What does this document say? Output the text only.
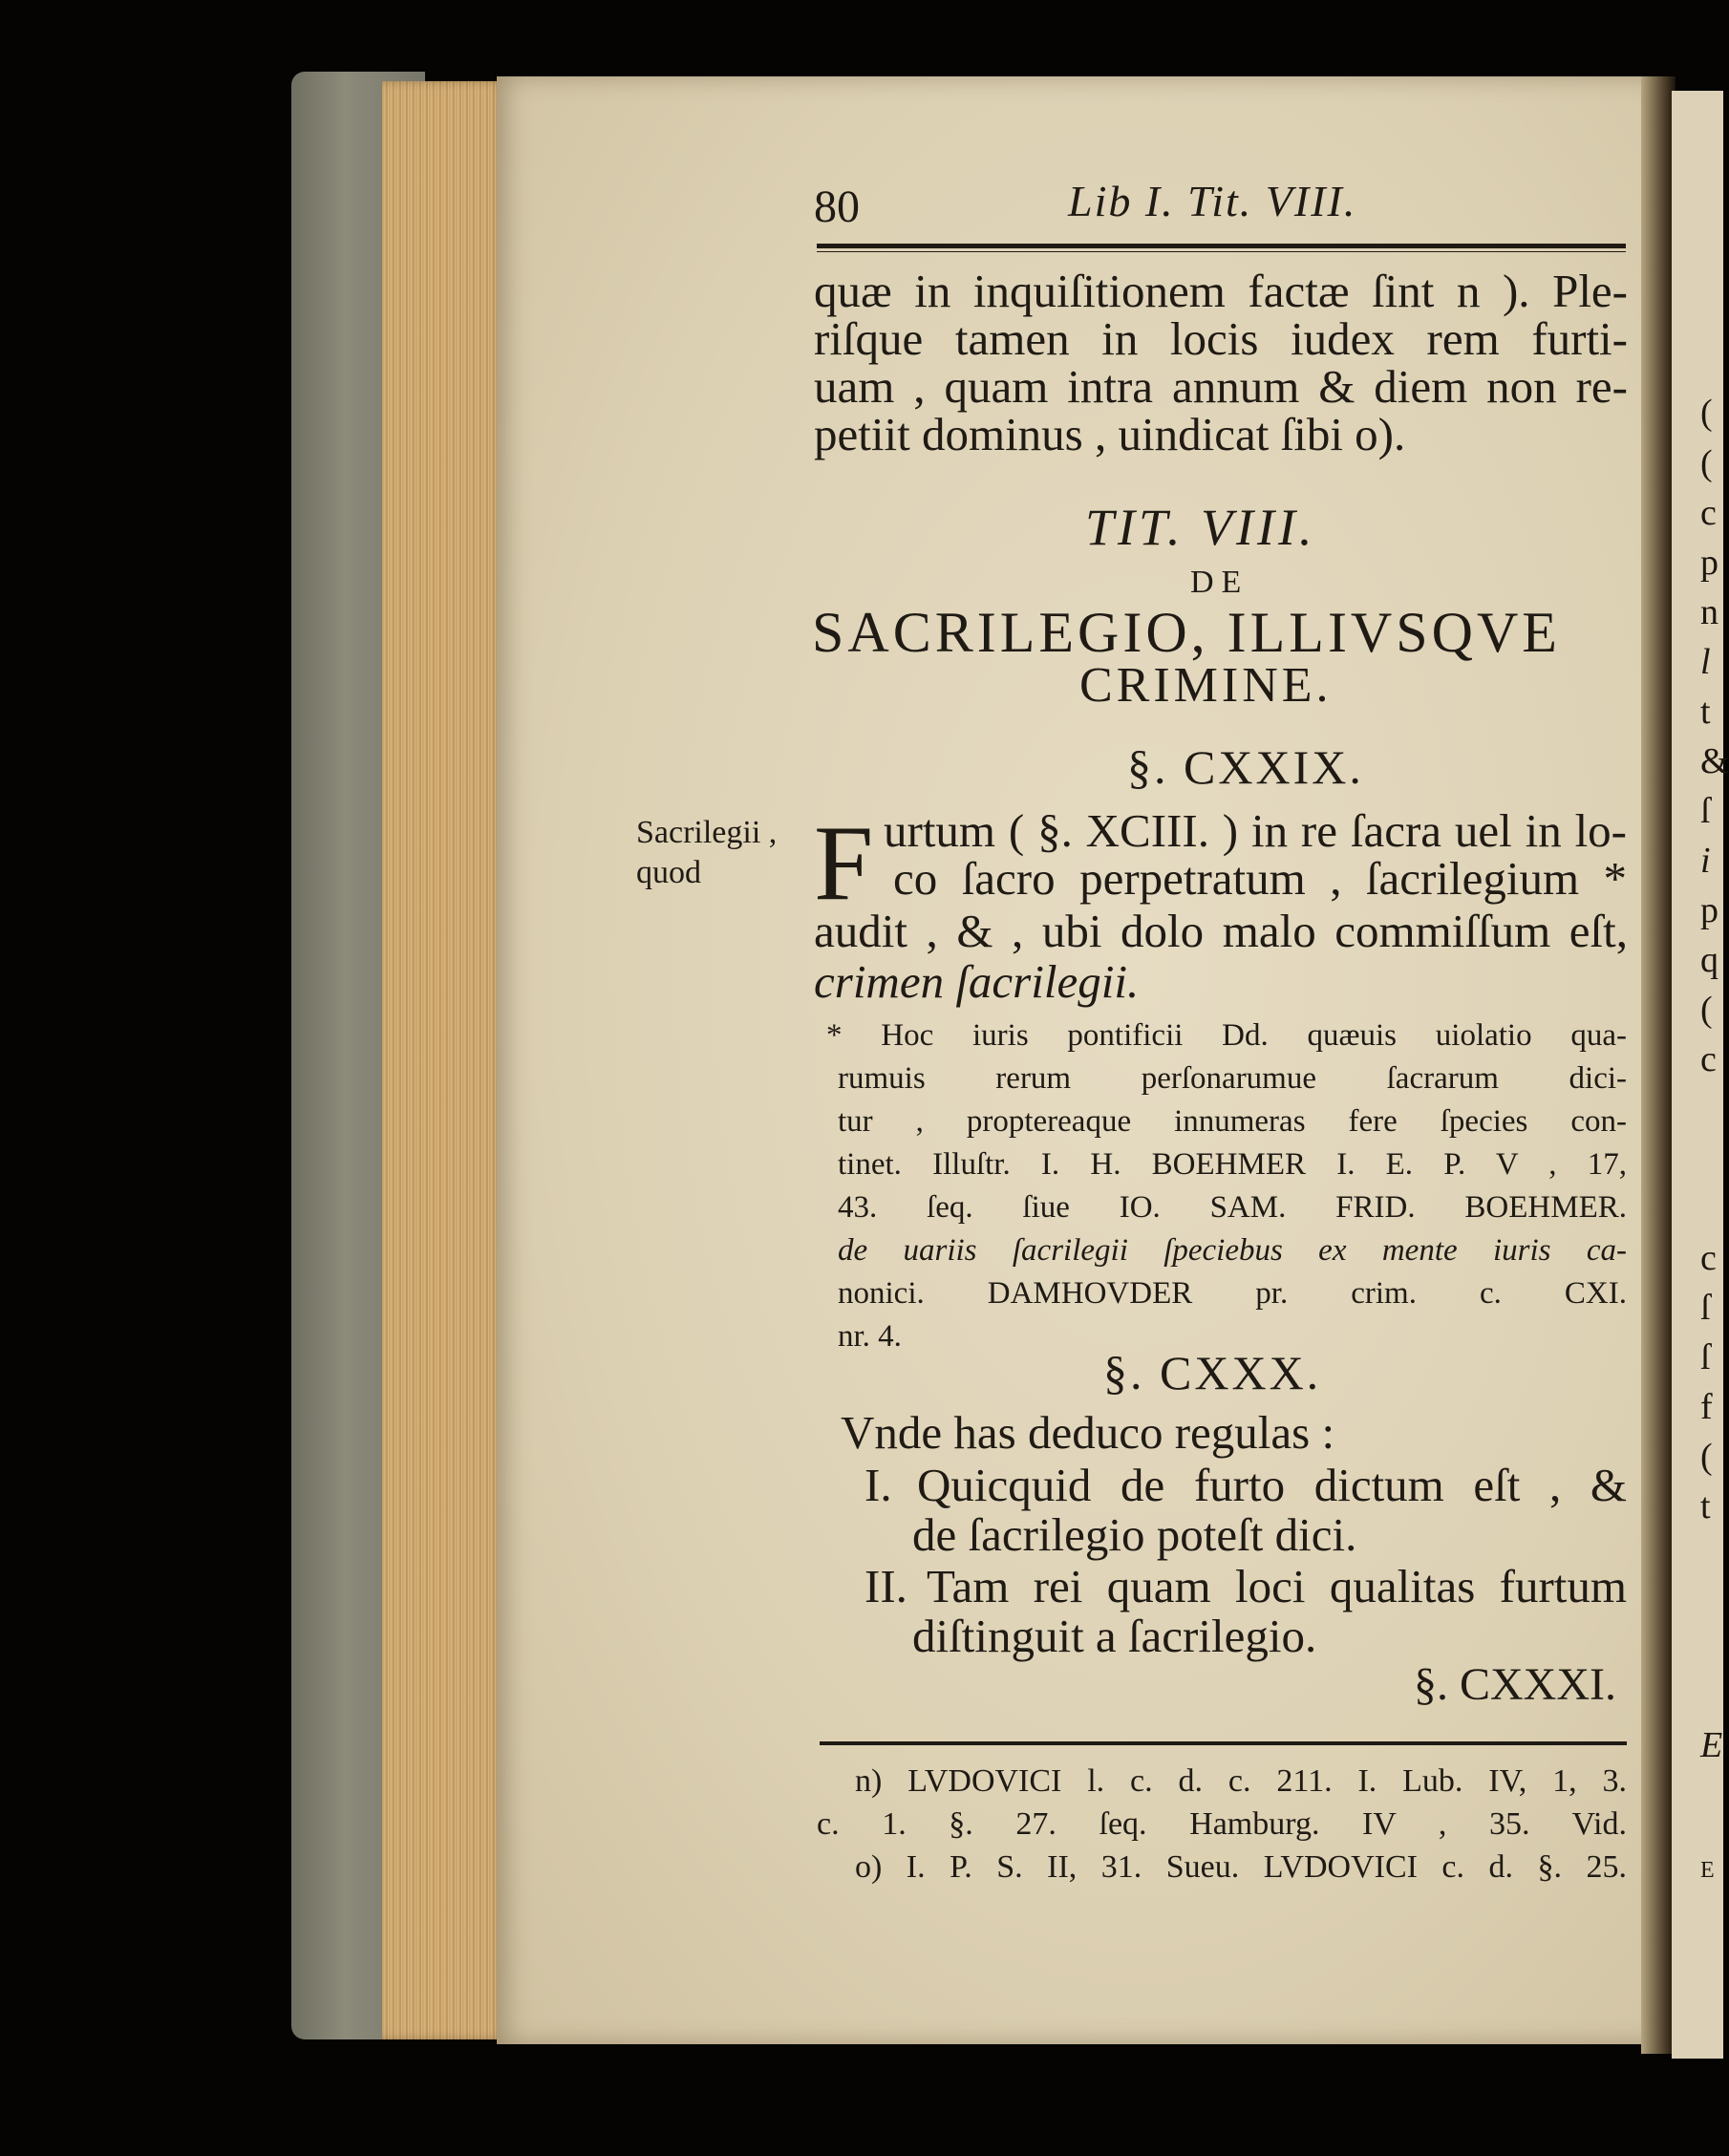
80	Lib I. Tit. VIII.
quæ in inquiſitionem factæ ſint n ). Ple-
riſque tamen in locis iudex rem furti-
uam , quam intra annum & diem non re-
petiit dominus , uindicat ſibi o).
TIT. VIII.
DE
SACRILEGIO, ILLIVSQVE
CRIMINE.
§. CXXIX.
Sacrilegii ,
quod F urtum ( §. XCIII. ) in re ſacra uel in lo-
co ſacro perpetratum , ſacrilegium *
audit , & , ubi dolo malo commiſſum eſt,
crimen ſacrilegii.
* Hoc iuris pontificii Dd. quæuis uiolatio qua-
rumuis rerum perſonarumue ſacrarum dici-
tur , proptereaque innumeras fere ſpecies con-
tinet. Illuſtr. I. H. BOEHMER I. E. P. V , 17,
43. ſeq. ſiue IO. SAM. FRID. BOEHMER.
de uariis ſacrilegii ſpeciebus ex mente iuris ca-
nonici. DAMHOVDER pr. crim. c. CXI.
nr. 4.
§. CXXX.
Vnde has deduco regulas :
I. Quicquid de furto dictum eſt , &
de ſacrilegio poteſt dici.
II. Tam rei quam loci qualitas furtum
diſtinguit a ſacrilegio.
§. CXXXI.
n) LVDOVICI l. c. d. c. 211. I. Lub. IV, 1, 3.
c. 1. §. 27. ſeq. Hamburg. IV , 35. Vid.
o) I. P. S. II, 31. Sueu. LVDOVICI c. d. §. 25.
(
(
c
p
n
l
t
&
ſ
i
p
q
(
c
c
ſ
ſ
f
(
t
E
E
